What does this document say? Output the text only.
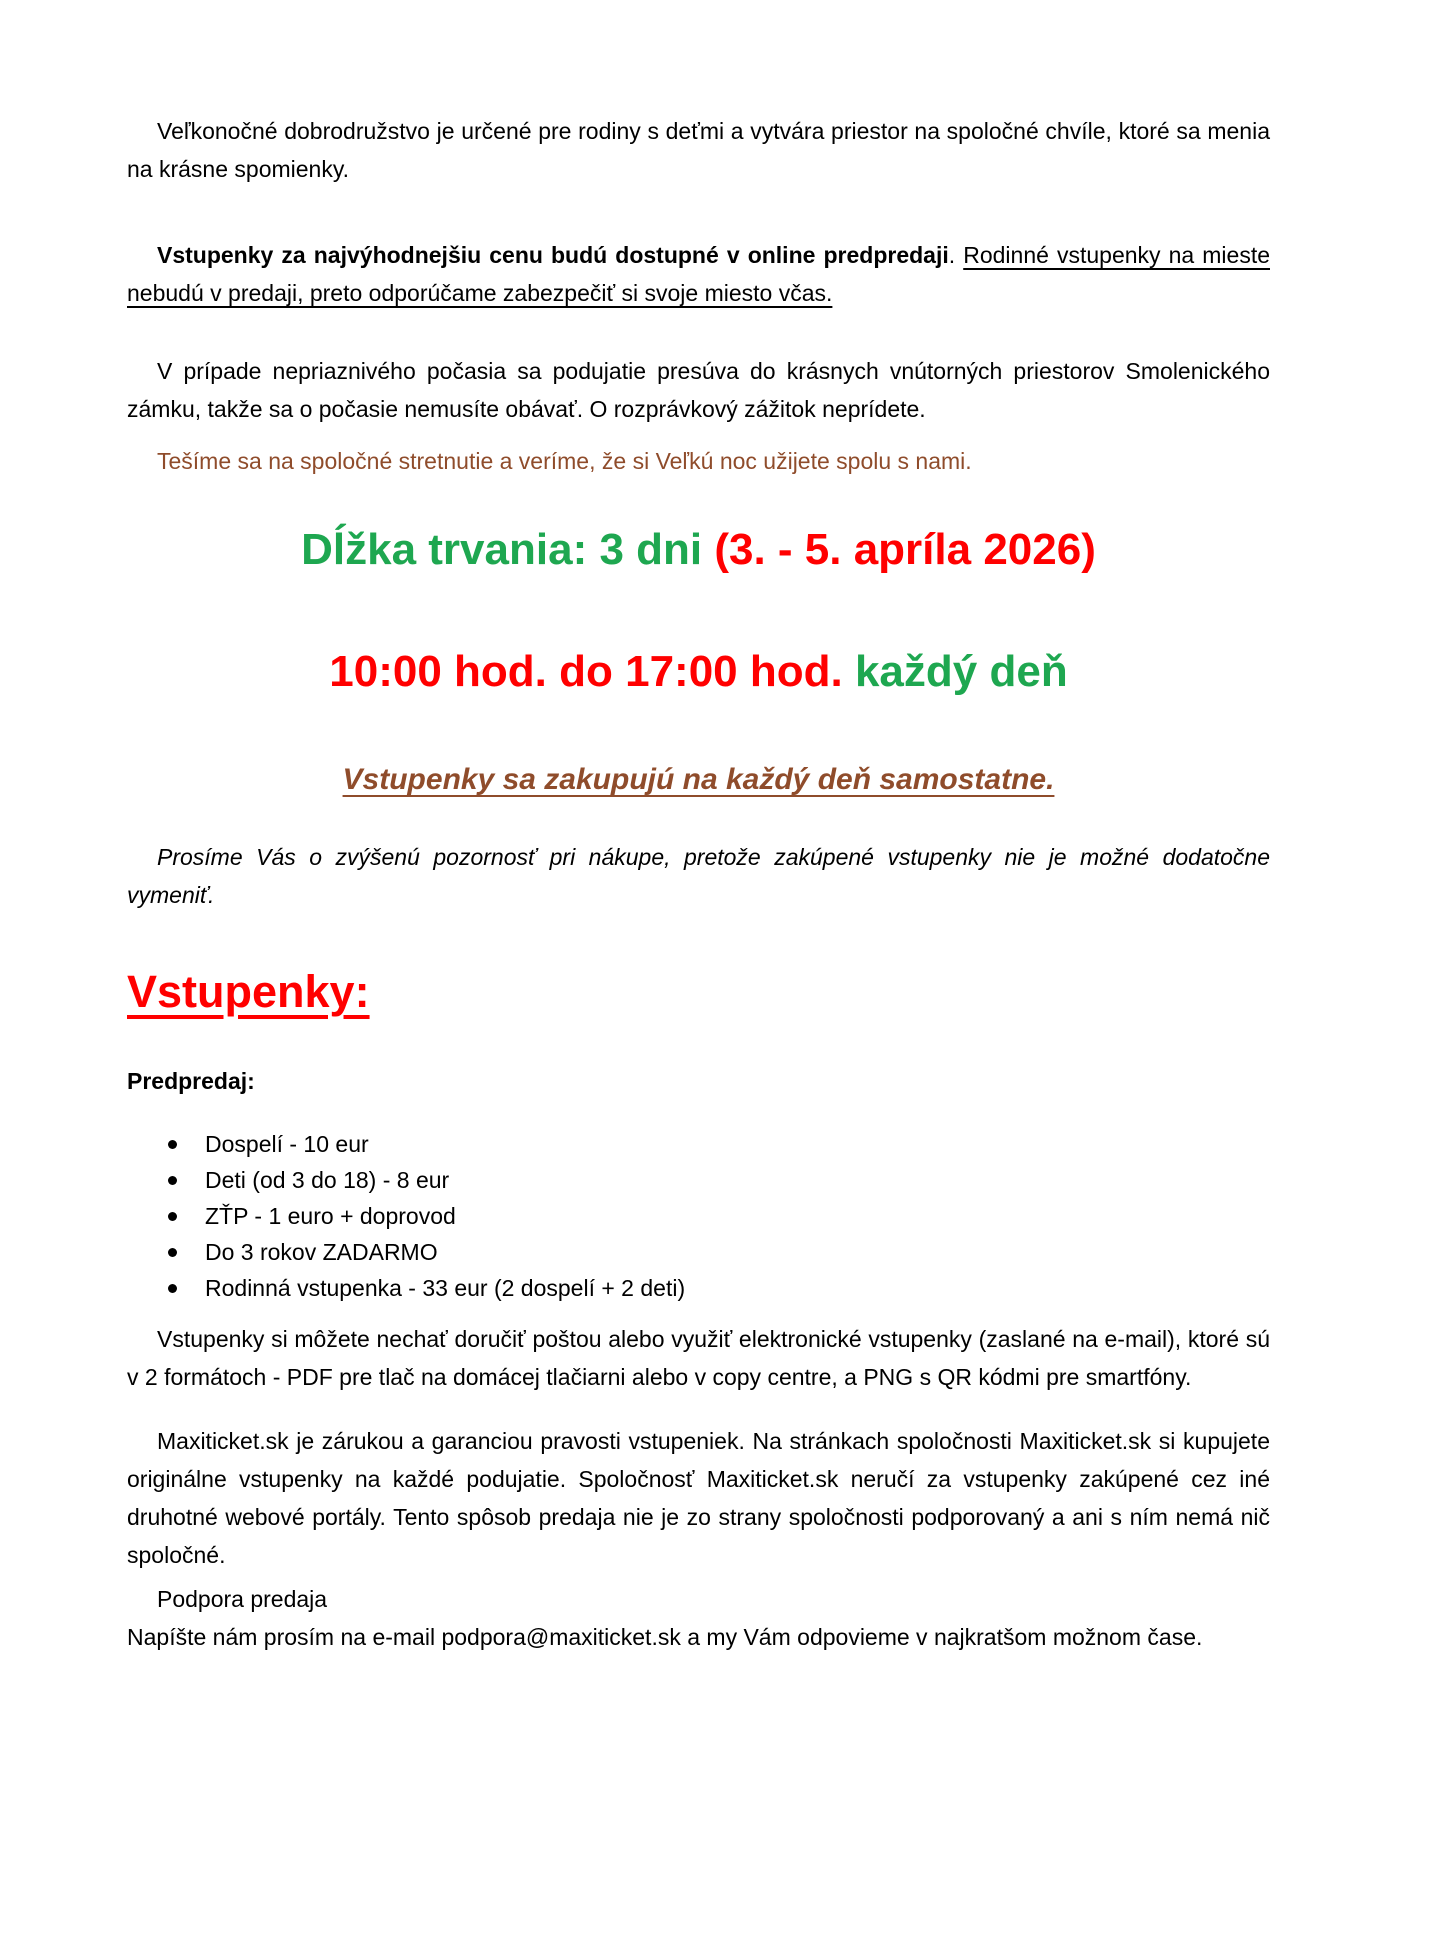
Veľkonočné dobrodružstvo je určené pre rodiny s deťmi a vytvára priestor na spoločné chvíle, ktoré sa menia na krásne spomienky.

Vstupenky za najvýhodnejšiu cenu budú dostupné v online predpredaji. Rodinné vstupenky na mieste nebudú v predaji, preto odporúčame zabezpečiť si svoje miesto včas.

V prípade nepriaznivého počasia sa podujatie presúva do krásnych vnútorných priestorov Smolenického zámku, takže sa o počasie nemusíte obávať. O rozprávkový zážitok neprídete.

Tešíme sa na spoločné stretnutie a veríme, že si Veľkú noc užijete spolu s nami.

Dĺžka trvania: 3 dni (3. - 5. apríla 2026)

10:00 hod. do 17:00 hod. každý deň

Vstupenky sa zakupujú na každý deň samostatne.

Prosíme Vás o zvýšenú pozornosť pri nákupe, pretože zakúpené vstupenky nie je možné dodatočne vymeniť.

Vstupenky:

Predpredaj:

Dospelí - 10 eur
Deti (od 3 do 18) - 8 eur
ZŤP - 1 euro + doprovod
Do 3 rokov ZADARMO
Rodinná vstupenka - 33 eur (2 dospelí + 2 deti)

Vstupenky si môžete nechať doručiť poštou alebo využiť elektronické vstupenky (zaslané na e-mail), ktoré sú v 2 formátoch - PDF pre tlač na domácej tlačiarni alebo v copy centre, a PNG s QR kódmi pre smartfóny.

Maxiticket.sk je zárukou a garanciou pravosti vstupeniek. Na stránkach spoločnosti Maxiticket.sk si kupujete originálne vstupenky na každé podujatie. Spoločnosť Maxiticket.sk neručí za vstupenky zakúpené cez iné druhotné webové portály. Tento spôsob predaja nie je zo strany spoločnosti podporovaný a ani s ním nemá nič spoločné.

Podpora predaja
Napíšte nám prosím na e-mail podpora@maxiticket.sk a my Vám odpovieme v najkratšom možnom čase.
